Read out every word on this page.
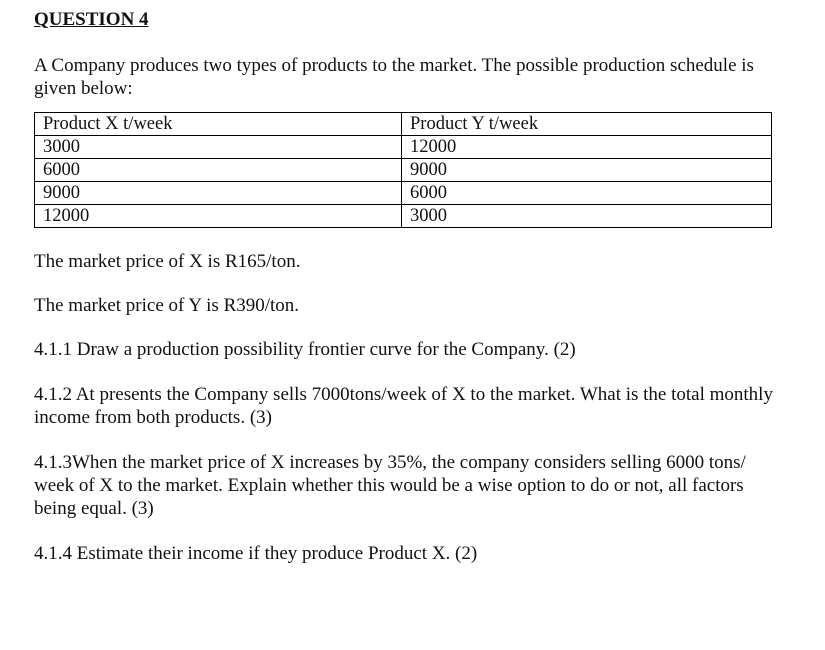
QUESTION 4

A Company produces two types of products to the market. The possible production schedule is given below:

Product X t/week	Product Y t/week
3000	12000
6000	9000
9000	6000
12000	3000

The market price of X is R165/ton.

The market price of Y is R390/ton.

4.1.1 Draw a production possibility frontier curve for the Company. (2)

4.1.2 At presents the Company sells 7000tons/week of X to the market. What is the total monthly income from both products. (3)

4.1.3When the market price of X increases by 35%, the company considers selling 6000 tons/ week of X to the market. Explain whether this would be a wise option to do or not, all factors being equal. (3)

4.1.4 Estimate their income if they produce Product X. (2)
